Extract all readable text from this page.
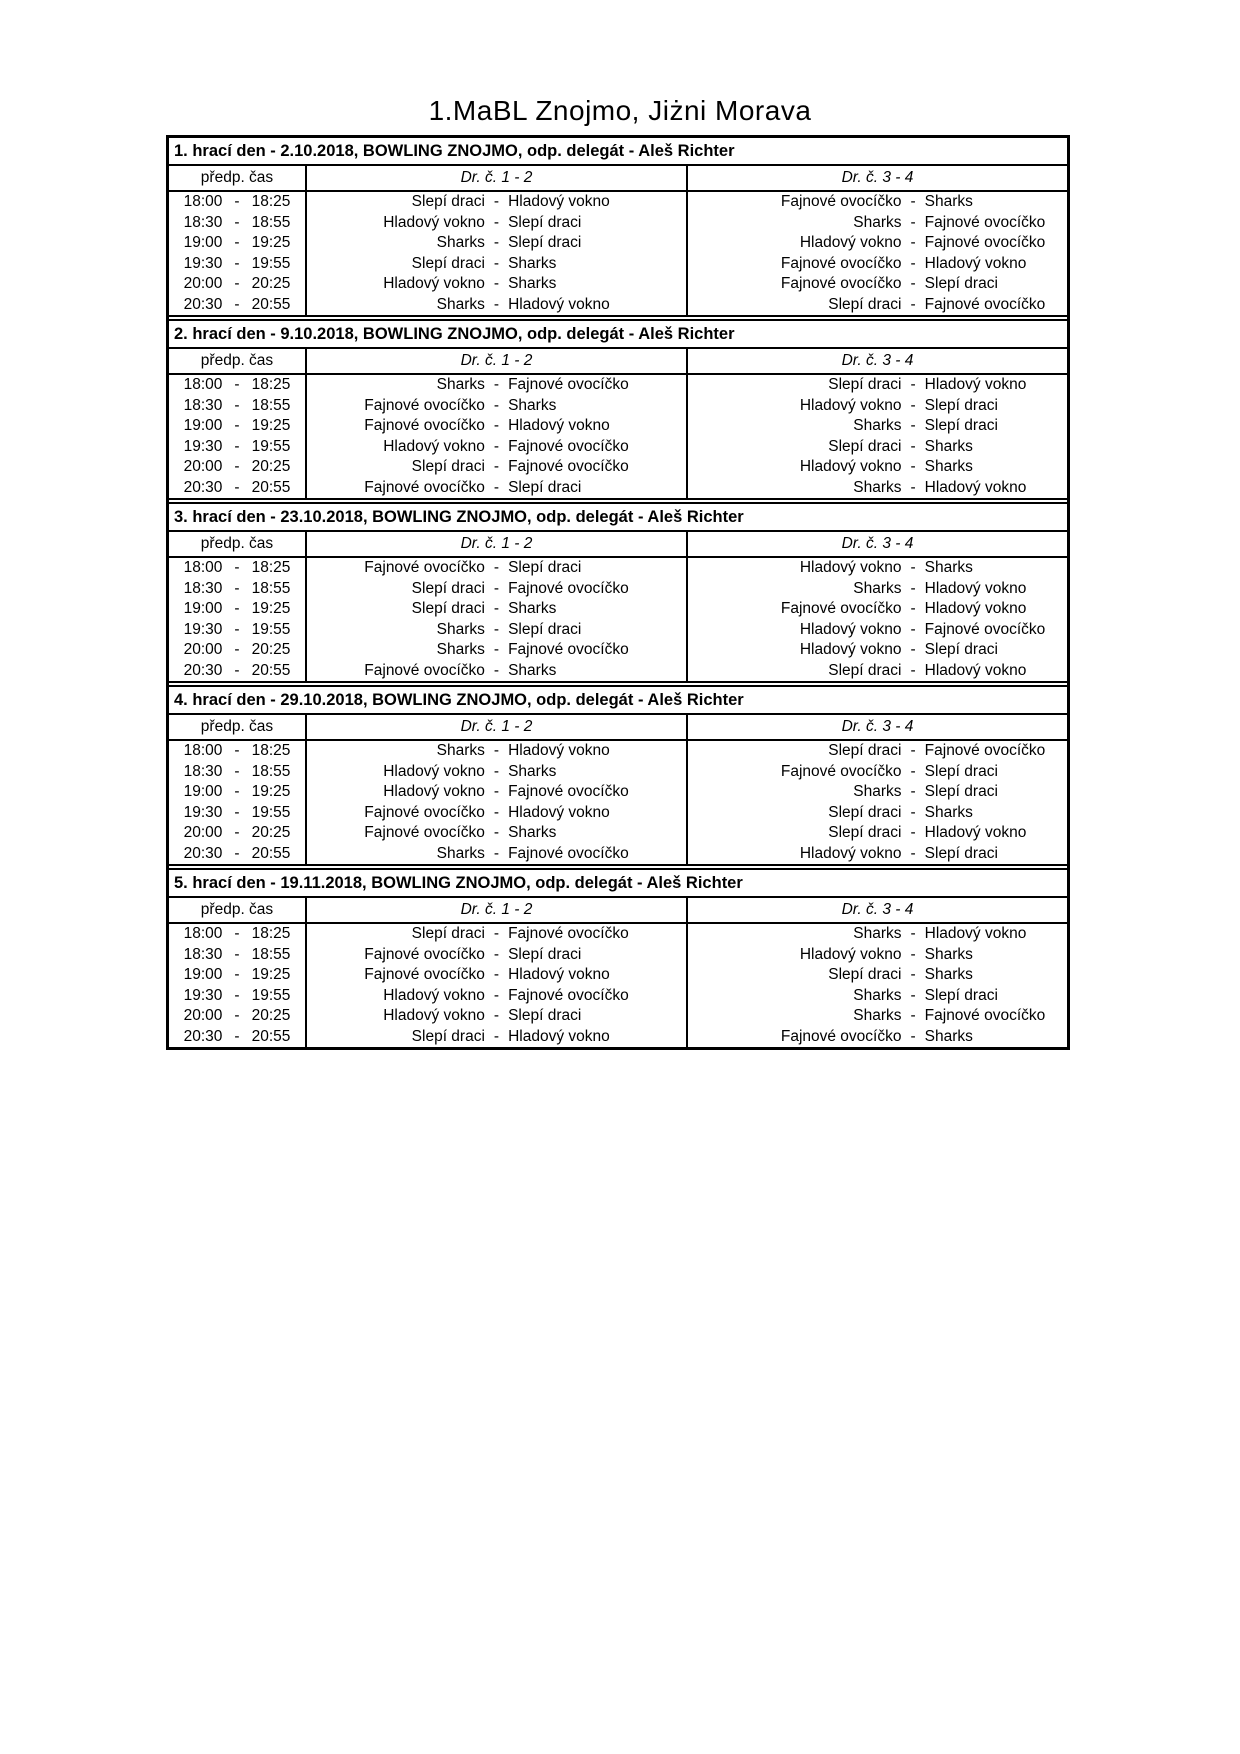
1.MaBL Znojmo, Jiżni Morava
1. hrací den - 2.10.2018, BOWLING ZNOJMO, odp. delegát - Aleš Richter
předp. čas	Dr. č. 1 - 2	Dr. č. 3 - 4
18:00 - 18:25	Slepí draci - Hladový vokno	Fajnové ovocíčko - Sharks
18:30 - 18:55	Hladový vokno - Slepí draci	Sharks - Fajnové ovocíčko
19:00 - 19:25	Sharks - Slepí draci	Hladový vokno - Fajnové ovocíčko
19:30 - 19:55	Slepí draci - Sharks	Fajnové ovocíčko - Hladový vokno
20:00 - 20:25	Hladový vokno - Sharks	Fajnové ovocíčko - Slepí draci
20:30 - 20:55	Sharks - Hladový vokno	Slepí draci - Fajnové ovocíčko
2. hrací den - 9.10.2018, BOWLING ZNOJMO, odp. delegát - Aleš Richter
předp. čas	Dr. č. 1 - 2	Dr. č. 3 - 4
18:00 - 18:25	Sharks - Fajnové ovocíčko	Slepí draci - Hladový vokno
18:30 - 18:55	Fajnové ovocíčko - Sharks	Hladový vokno - Slepí draci
19:00 - 19:25	Fajnové ovocíčko - Hladový vokno	Sharks - Slepí draci
19:30 - 19:55	Hladový vokno - Fajnové ovocíčko	Slepí draci - Sharks
20:00 - 20:25	Slepí draci - Fajnové ovocíčko	Hladový vokno - Sharks
20:30 - 20:55	Fajnové ovocíčko - Slepí draci	Sharks - Hladový vokno
3. hrací den - 23.10.2018, BOWLING ZNOJMO, odp. delegát - Aleš Richter
předp. čas	Dr. č. 1 - 2	Dr. č. 3 - 4
18:00 - 18:25	Fajnové ovocíčko - Slepí draci	Hladový vokno - Sharks
18:30 - 18:55	Slepí draci - Fajnové ovocíčko	Sharks - Hladový vokno
19:00 - 19:25	Slepí draci - Sharks	Fajnové ovocíčko - Hladový vokno
19:30 - 19:55	Sharks - Slepí draci	Hladový vokno - Fajnové ovocíčko
20:00 - 20:25	Sharks - Fajnové ovocíčko	Hladový vokno - Slepí draci
20:30 - 20:55	Fajnové ovocíčko - Sharks	Slepí draci - Hladový vokno
4. hrací den - 29.10.2018, BOWLING ZNOJMO, odp. delegát - Aleš Richter
předp. čas	Dr. č. 1 - 2	Dr. č. 3 - 4
18:00 - 18:25	Sharks - Hladový vokno	Slepí draci - Fajnové ovocíčko
18:30 - 18:55	Hladový vokno - Sharks	Fajnové ovocíčko - Slepí draci
19:00 - 19:25	Hladový vokno - Fajnové ovocíčko	Sharks - Slepí draci
19:30 - 19:55	Fajnové ovocíčko - Hladový vokno	Slepí draci - Sharks
20:00 - 20:25	Fajnové ovocíčko - Sharks	Slepí draci - Hladový vokno
20:30 - 20:55	Sharks - Fajnové ovocíčko	Hladový vokno - Slepí draci
5. hrací den - 19.11.2018, BOWLING ZNOJMO, odp. delegát - Aleš Richter
předp. čas	Dr. č. 1 - 2	Dr. č. 3 - 4
18:00 - 18:25	Slepí draci - Fajnové ovocíčko	Sharks - Hladový vokno
18:30 - 18:55	Fajnové ovocíčko - Slepí draci	Hladový vokno - Sharks
19:00 - 19:25	Fajnové ovocíčko - Hladový vokno	Slepí draci - Sharks
19:30 - 19:55	Hladový vokno - Fajnové ovocíčko	Sharks - Slepí draci
20:00 - 20:25	Hladový vokno - Slepí draci	Sharks - Fajnové ovocíčko
20:30 - 20:55	Slepí draci - Hladový vokno	Fajnové ovocíčko - Sharks
